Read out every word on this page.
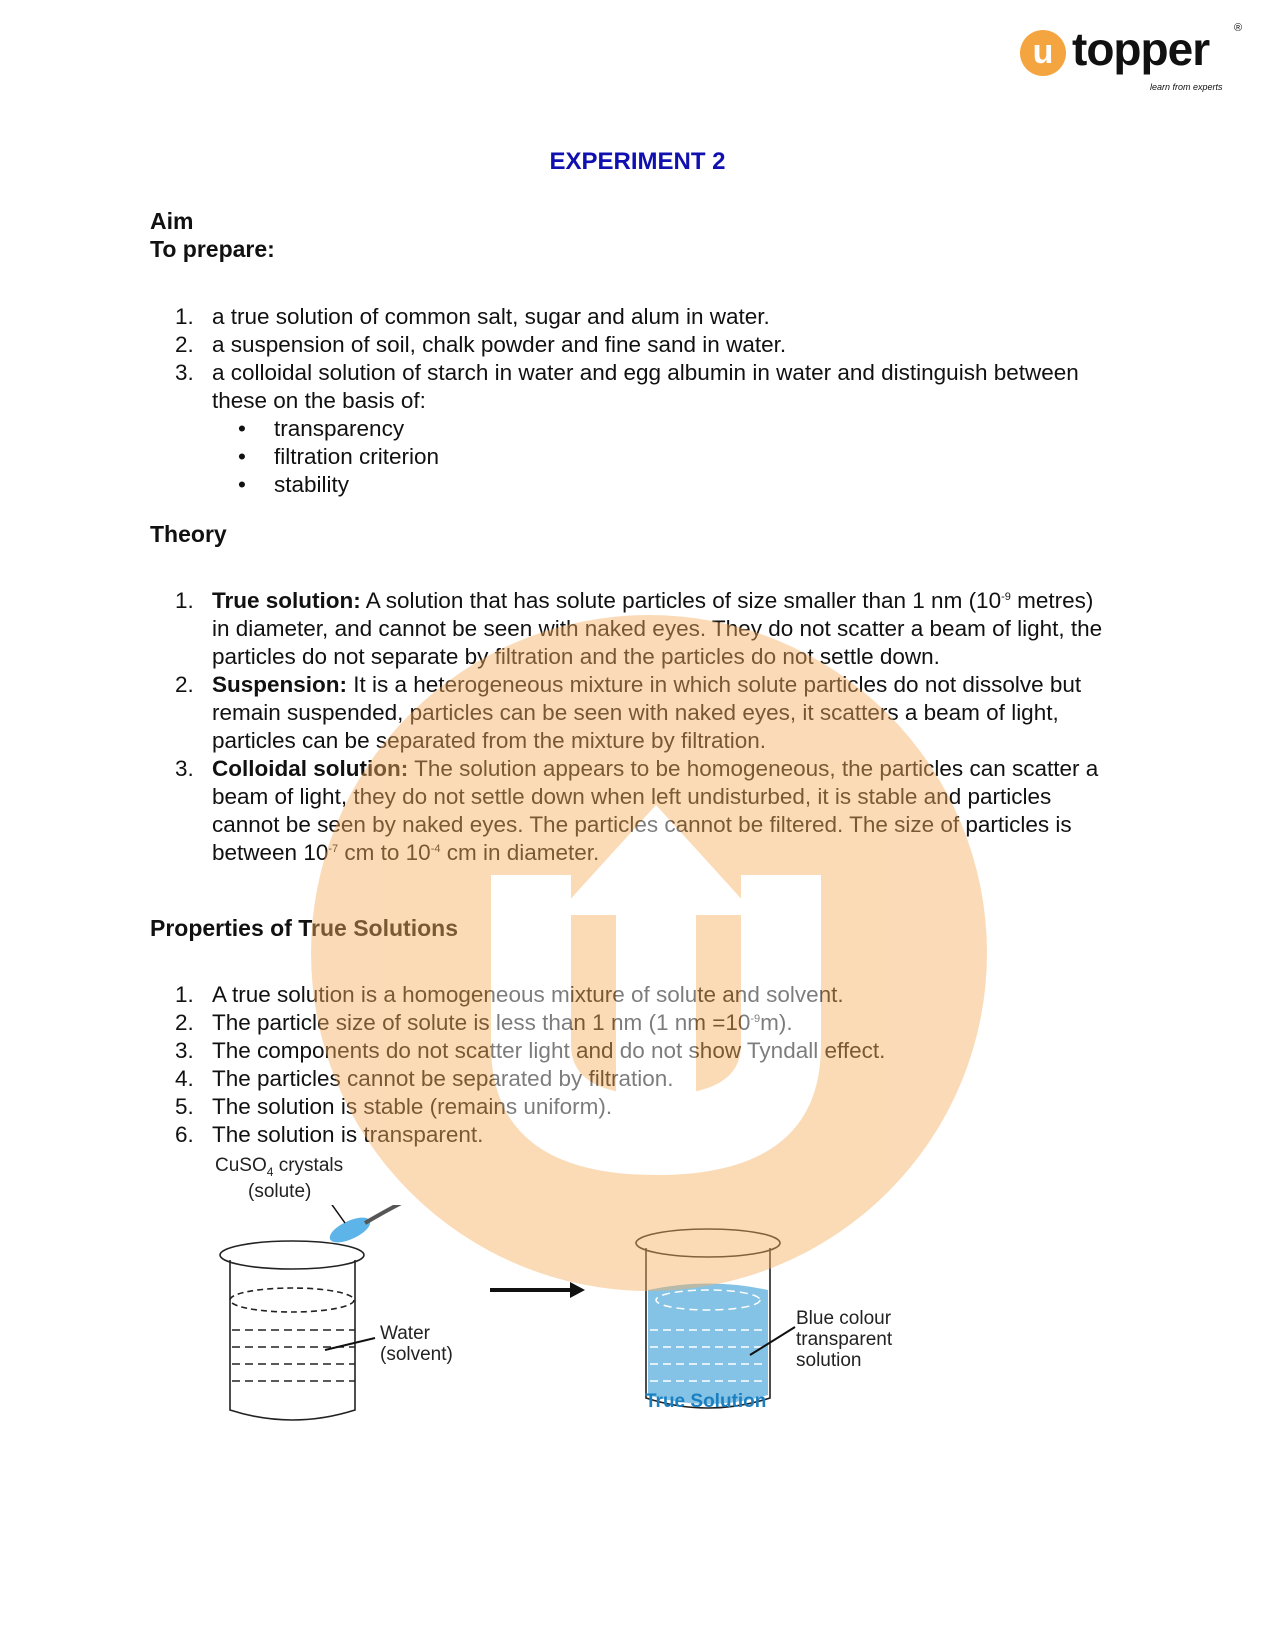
u topper ®
learn from experts
EXPERIMENT 2
Aim
To prepare:
1. a true solution of common salt, sugar and alum in water.
2. a suspension of soil, chalk powder and fine sand in water.
3. a colloidal solution of starch in water and egg albumin in water and distinguish between these on the basis of:
• transparency
• filtration criterion
• stability
Theory
1. True solution: A solution that has solute particles of size smaller than 1 nm ($10^{-9}$ metres) in diameter, and cannot be seen with naked eyes. They do not scatter a beam of light, the particles do not separate by filtration and the particles do not settle down.
2. Suspension: It is a heterogeneous mixture in which solute particles do not dissolve but remain suspended, particles can be seen with naked eyes, it scatters a beam of light, particles can be separated from the mixture by filtration.
3. Colloidal solution: The solution appears to be homogeneous, the particles can scatter a beam of light, they do not settle down when left undisturbed, it is stable and particles cannot be seen by naked eyes. The particles cannot be filtered. The size of particles is between $10^{-7}$ cm to $10^{-4}$ cm in diameter.
Properties of True Solutions
1. A true solution is a homogeneous mixture of solute and solvent.
2. The particle size of solute is less than 1 nm (1 nm $=10^{-9}m$).
3. The components do not scatter light and do not show Tyndall effect.
4. The particles cannot be separated by filtration.
5. The solution is stable (remains uniform).
6. The solution is transparent.
CuSO$_4$ crystals
(solute)
Water
(solvent)
Blue colour
transparent
solution
True Solution
